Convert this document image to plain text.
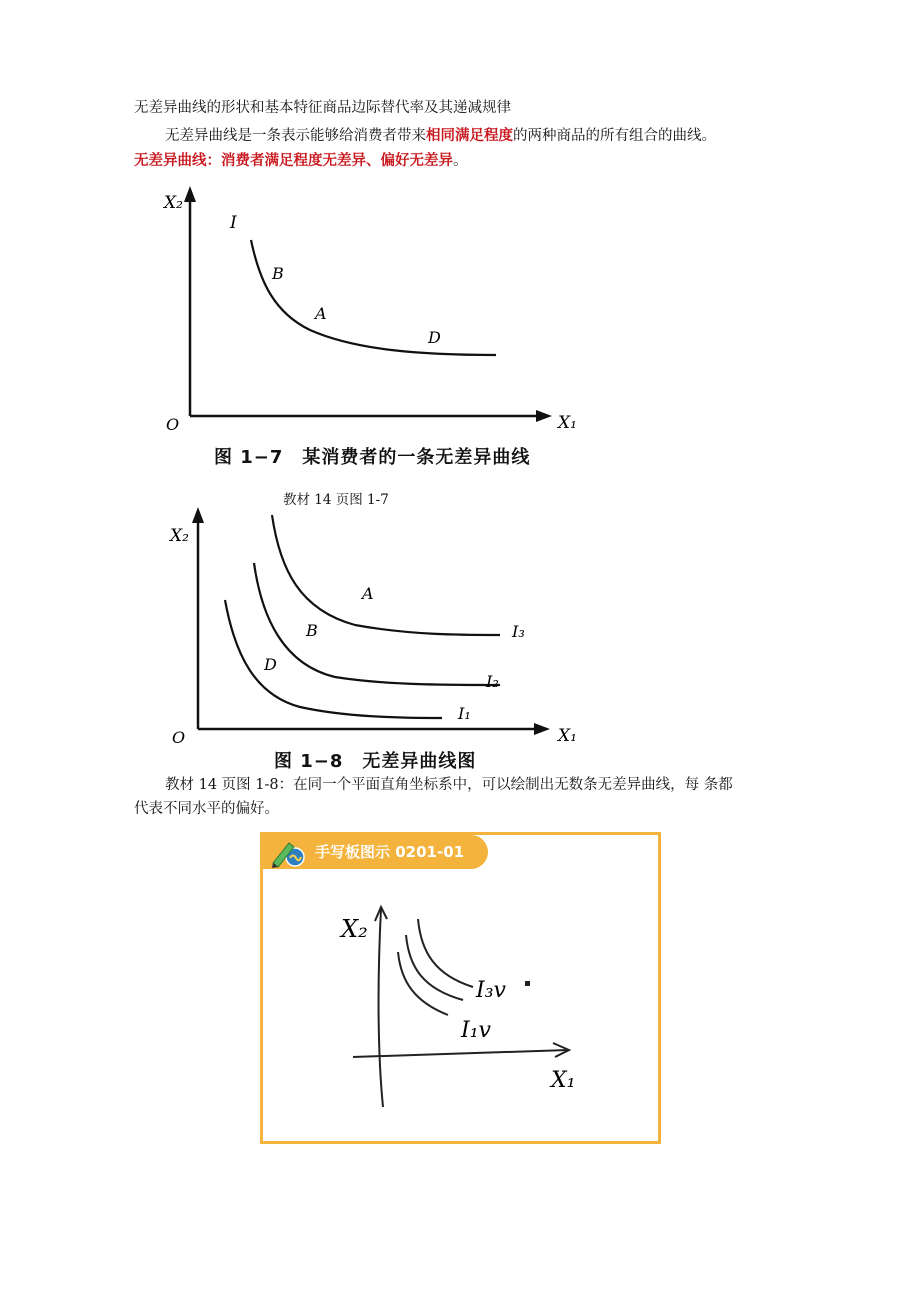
无差异曲线的形状和基本特征商品边际替代率及其递减规律
无差异曲线是一条表示能够给消费者带来相同满足程度的两种商品的所有组合的曲线。
无差异曲线：消费者满足程度无差异、偏好无差异。
X₂
X₁
O
I
B
A
D
图 1−7　某消费者的一条无差异曲线
教材 14 页图 1-7
X₂
X₁
O
I₁
I₂
I₃
A
B
D
图 1−8　无差异曲线图
教材 14 页图 1-8：在同一个平面直角坐标系中，可以绘制出无数条无差异曲线，每 条都
代表不同水平的偏好。
手写板图示 0201-01
X₂
X₁
I₃v
I₁v
